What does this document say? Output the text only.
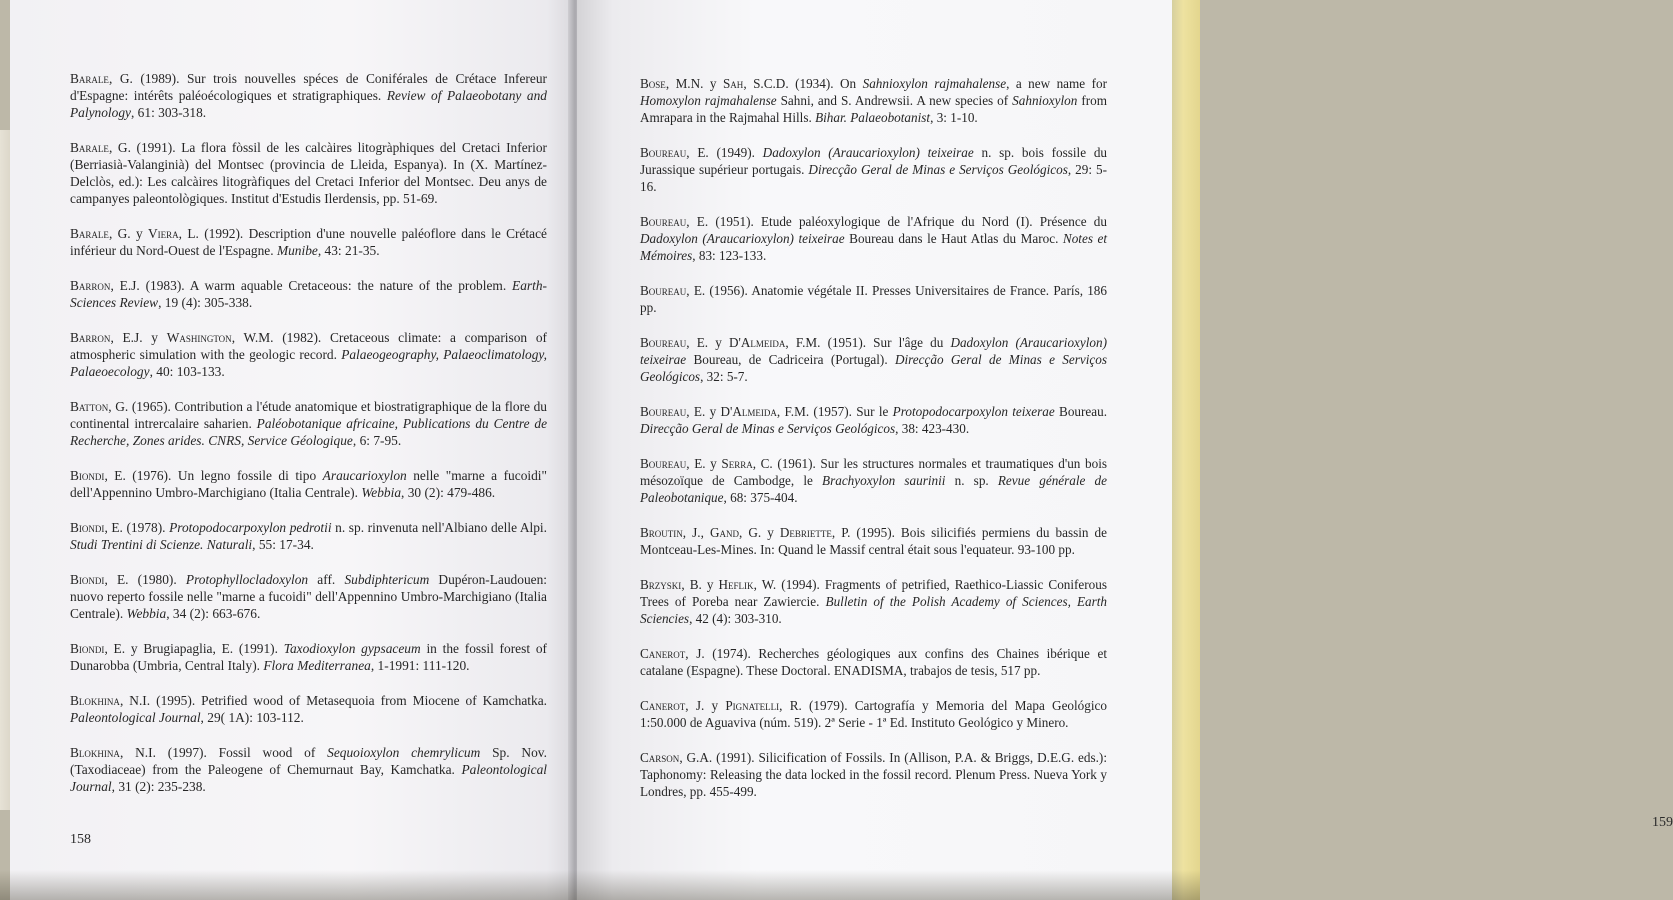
Barale, G. (1989). Sur trois nouvelles spéces de Coniférales de Crétace Infereur d'Espagne: intérêts paléoécologiques et stratigraphiques. Review of Palaeobotany and Palynology, 61: 303-318.

Barale, G. (1991). La flora fòssil de les calcàires litogràphiques del Cretaci Inferior (Berriasià-Valanginià) del Montsec (provincia de Lleida, Espanya). In (X. Martínez-Delclòs, ed.): Les calcàires litogràfiques del Cretaci Inferior del Montsec. Deu anys de campanyes paleontològiques. Institut d'Estudis Ilerdensis, pp. 51-69.

Barale, G. y Viera, L. (1992). Description d'une nouvelle paléoflore dans le Crétacé inférieur du Nord-Ouest de l'Espagne. Munibe, 43: 21-35.

Barron, E.J. (1983). A warm aquable Cretaceous: the nature of the problem. Earth-Sciences Review, 19 (4): 305-338.

Barron, E.J. y Washington, W.M. (1982). Cretaceous climate: a comparison of atmospheric simulation with the geologic record. Palaeogeography, Palaeoclimatology, Palaeoecology, 40: 103-133.

Batton, G. (1965). Contribution a l'étude anatomique et biostratigraphique de la flore du continental intrercalaire saharien. Paléobotanique africaine, Publications du Centre de Recherche, Zones arides. CNRS, Service Géologique, 6: 7-95.

Biondi, E. (1976). Un legno fossile di tipo Araucarioxylon nelle "marne a fucoidi" dell'Appennino Umbro-Marchigiano (Italia Centrale). Webbia, 30 (2): 479-486.

Biondi, E. (1978). Protopodocarpoxylon pedrotii n. sp. rinvenuta nell'Albiano delle Alpi. Studi Trentini di Scienze. Naturali, 55: 17-34.

Biondi, E. (1980). Protophyllocladoxylon aff. Subdiphtericum Dupéron-Laudouen: nuovo reperto fossile nelle "marne a fucoidi" dell'Appennino Umbro-Marchigiano (Italia Centrale). Webbia, 34 (2): 663-676.

Biondi, E. y Brugiapaglia, E. (1991). Taxodioxylon gypsaceum in the fossil forest of Dunarobba (Umbria, Central Italy). Flora Mediterranea, 1-1991: 111-120.

Blokhina, N.I. (1995). Petrified wood of Metasequoia from Miocene of Kamchatka. Paleontological Journal, 29( 1A): 103-112.

Blokhina, N.I. (1997). Fossil wood of Sequoioxylon chemrylicum Sp. Nov. (Taxodiaceae) from the Paleogene of Chemurnaut Bay, Kamchatka. Paleontological Journal, 31 (2): 235-238.

158

Bose, M.N. y Sah, S.C.D. (1934). On Sahnioxylon rajmahalense, a new name for Homoxylon rajmahalense Sahni, and S. Andrewsii. A new species of Sahnioxylon from Amrapara in the Rajmahal Hills. Bihar. Palaeobotanist, 3: 1-10.

Boureau, E. (1949). Dadoxylon (Araucarioxylon) teixeirae n. sp. bois fossile du Jurassique supérieur portugais. Direcção Geral de Minas e Serviços Geológicos, 29: 5-16.

Boureau, E. (1951). Etude paléoxylogique de l'Afrique du Nord (I). Présence du Dadoxylon (Araucarioxylon) teixeirae Boureau dans le Haut Atlas du Maroc. Notes et Mémoires, 83: 123-133.

Boureau, E. (1956). Anatomie végétale II. Presses Universitaires de France. París, 186 pp.

Boureau, E. y D'Almeida, F.M. (1951). Sur l'âge du Dadoxylon (Araucarioxylon) teixeirae Boureau, de Cadriceira (Portugal). Direcção Geral de Minas e Serviços Geológicos, 32: 5-7.

Boureau, E. y D'Almeida, F.M. (1957). Sur le Protopodocarpoxylon teixerae Boureau. Direcção Geral de Minas e Serviços Geológicos, 38: 423-430.

Boureau, E. y Serra, C. (1961). Sur les structures normales et traumatiques d'un bois mésozoïque de Cambodge, le Brachyoxylon saurinii n. sp. Revue générale de Paleobotanique, 68: 375-404.

Broutin, J., Gand, G. y Debriette, P. (1995). Bois silicifiés permiens du bassin de Montceau-Les-Mines. In: Quand le Massif central était sous l'equateur. 93-100 pp.

Brzyski, B. y Heflik, W. (1994). Fragments of petrified, Raethico-Liassic Coniferous Trees of Poreba near Zawiercie. Bulletin of the Polish Academy of Sciences, Earth Sciencies, 42 (4): 303-310.

Canerot, J. (1974). Recherches géologiques aux confins des Chaines ibérique et catalane (Espagne). These Doctoral. ENADISMA, trabajos de tesis, 517 pp.

Canerot, J. y Pignatelli, R. (1979). Cartografía y Memoria del Mapa Geológico 1:50.000 de Aguaviva (núm. 519). 2ª Serie - 1ª Ed. Instituto Geológico y Minero.

Carson, G.A. (1991). Silicification of Fossils. In (Allison, P.A. & Briggs, D.E.G. eds.): Taphonomy: Releasing the data locked in the fossil record. Plenum Press. Nueva York y Londres, pp. 455-499.

159
